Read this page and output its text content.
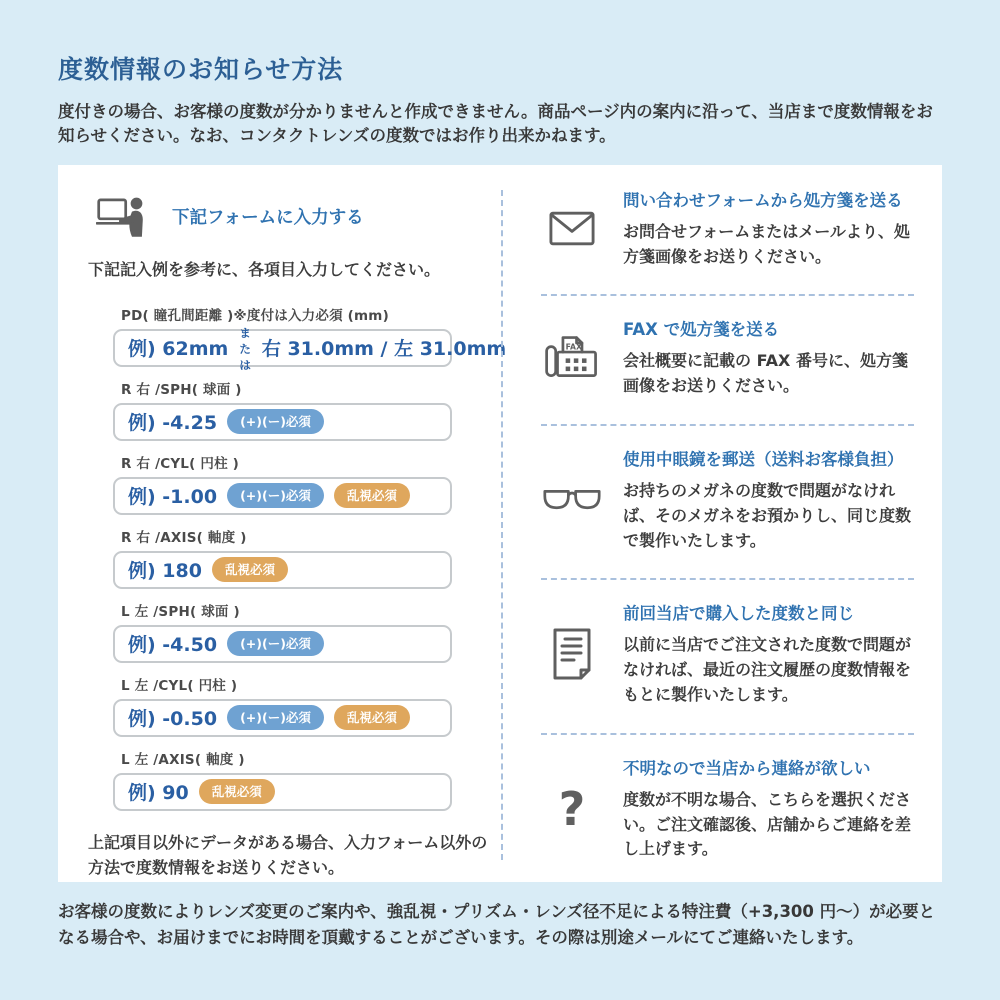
度数情報のお知らせ方法

度付きの場合、お客様の度数が分かりませんと作成できません。商品ページ内の案内に沿って、当店まで度数情報をお知らせください。なお、コンタクトレンズの度数ではお作り出来かねます。

下記フォームに入力する

下記記入例を参考に、各項目入力してください。

PD( 瞳孔間距離 )※度付は入力必須 (mm)
例) 62mm
または
右 31.0mm / 左 31.0mm
R 右 /SPH( 球面 )
例) -4.25	(+)(ー)必須
R 右 /CYL( 円柱 )
例) -1.00	(+)(ー)必須	乱視必須
R 右 /AXIS( 軸度 )
例) 180	乱視必須
L 左 /SPH( 球面 )
例) -4.50	(+)(ー)必須
L 左 /CYL( 円柱 )
例) -0.50	(+)(ー)必須	乱視必須
L 左 /AXIS( 軸度 )
例) 90	乱視必須

上記項目以外にデータがある場合、入力フォーム以外の方法で度数情報をお送りください。

問い合わせフォームから処方箋を送る
お問合せフォームまたはメールより、処方箋画像をお送りください。
FAX
FAX で処方箋を送る
会社概要に記載の FAX 番号に、処方箋画像をお送りください。
使用中眼鏡を郵送（送料お客様負担）
お持ちのメガネの度数で問題がなければ、そのメガネをお預かりし、同じ度数で製作いたします。
前回当店で購入した度数と同じ
以前に当店でご注文された度数で問題がなければ、最近の注文履歴の度数情報をもとに製作いたします。
?
不明なので当店から連絡が欲しい
度数が不明な場合、こちらを選択ください。ご注文確認後、店舗からご連絡を差し上げます。

お客様の度数によりレンズ変更のご案内や、強乱視・プリズム・レンズ径不足による特注費（+3,300 円～）が必要となる場合や、お届けまでにお時間を頂戴することがございます。その際は別途メールにてご連絡いたします。
